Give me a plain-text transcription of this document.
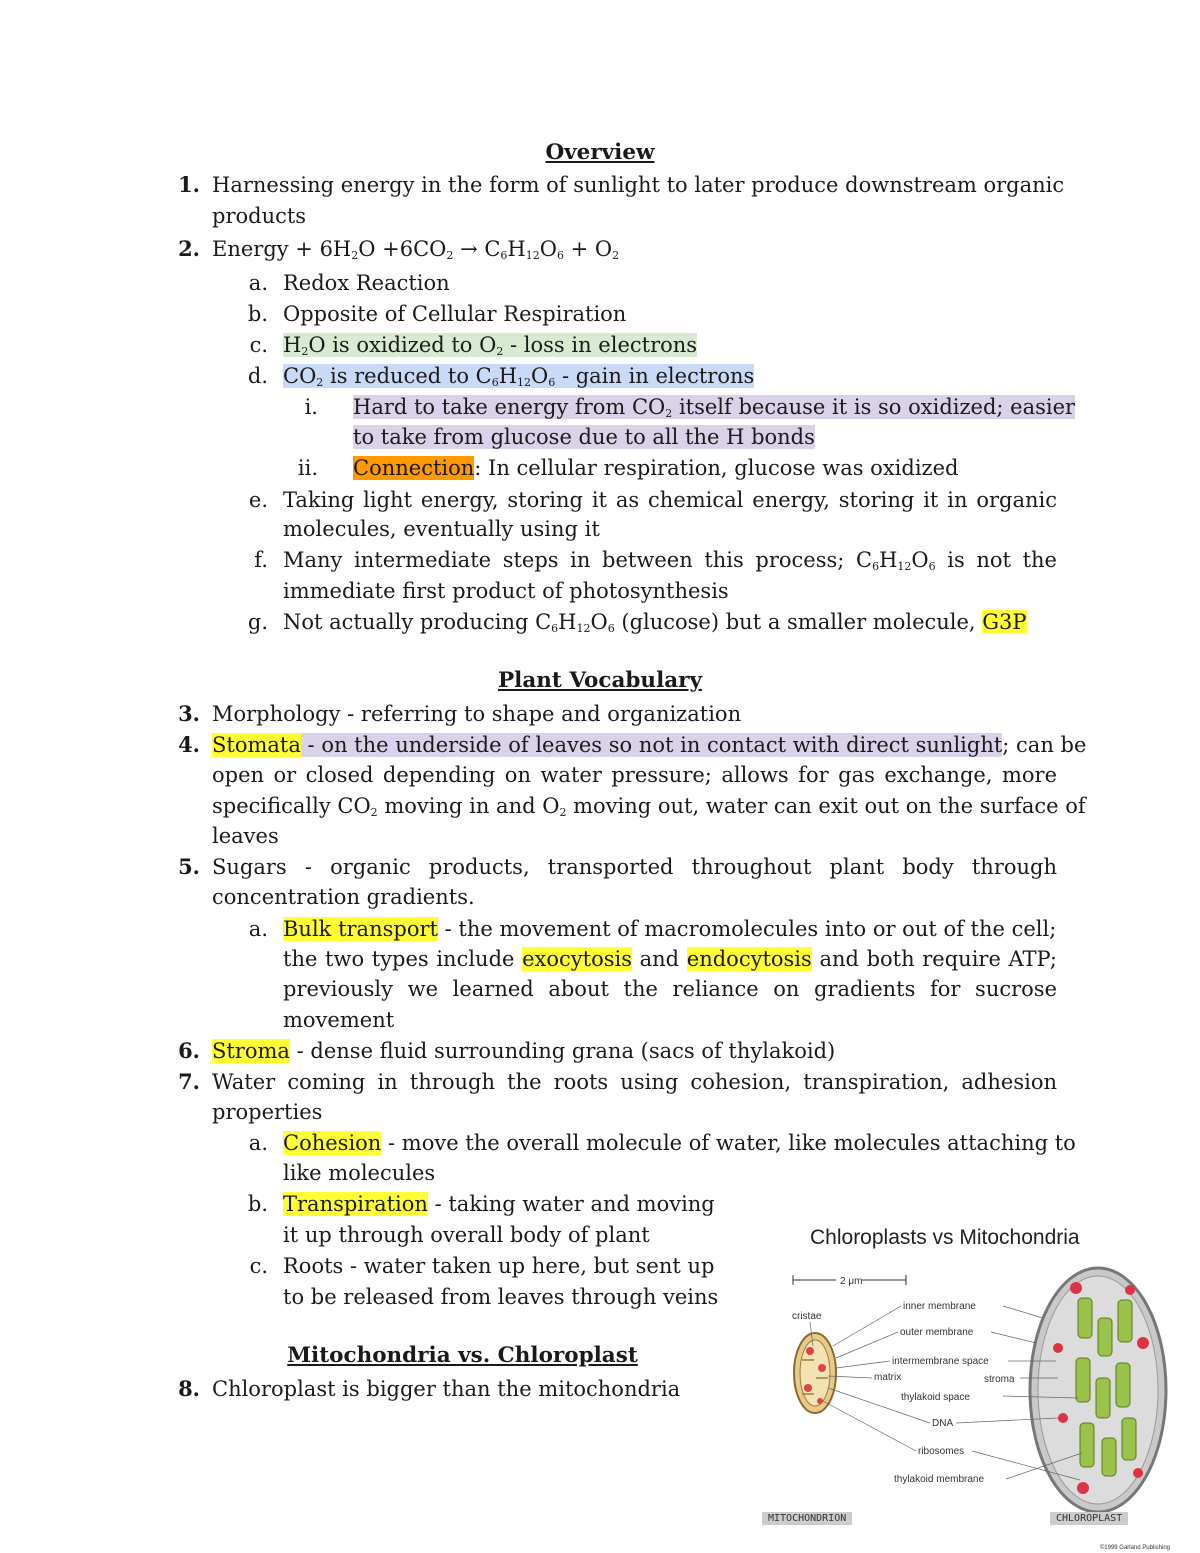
Overview
1. Harnessing energy in the form of sunlight to later produce downstream organic
products
2. Energy + $6H_2O +6CO_2 \to C_6H_{12}O_6 + O_2$
a. Redox Reaction
b. Opposite of Cellular Respiration
c. $H_2O$ is oxidized to $O_2$ - loss in electrons
d. $CO_2$ is reduced to $C_6H_{12}O_6$ - gain in electrons
i. Hard to take energy from $CO_2$ itself because it is so oxidized; easier
to take from glucose due to all the H bonds
ii. Connection: In cellular respiration, glucose was oxidized
e. Taking light energy, storing it as chemical energy, storing it in organic
molecules, eventually using it
f. Many intermediate steps in between this process; $C_6H_{12}O_6$ is not the
immediate first product of photosynthesis
g. Not actually producing $C_6H_{12}O_6$ (glucose) but a smaller molecule, G3P
Plant Vocabulary
3. Morphology - referring to shape and organization
4. Stomata - on the underside of leaves so not in contact with direct sunlight; can be
open or closed depending on water pressure; allows for gas exchange, more
specifically $CO_2$ moving in and $O_2$ moving out, water can exit out on the surface of
leaves
5. Sugars - organic products, transported throughout plant body through
concentration gradients.
a. Bulk transport - the movement of macromolecules into or out of the cell;
the two types include exocytosis and endocytosis and both require ATP;
previously we learned about the reliance on gradients for sucrose
movement
6. Stroma - dense fluid surrounding grana (sacs of thylakoid)
7. Water coming in through the roots using cohesion, transpiration, adhesion
properties
a. Cohesion - move the overall molecule of water, like molecules attaching to
like molecules
b. Transpiration - taking water and moving
it up through overall body of plant
c. Roots - water taken up here, but sent up
to be released from leaves through veins
Mitochondria vs. Chloroplast
8. Chloroplast is bigger than the mitochondria
Chloroplasts vs Mitochondria
2 μm
cristae
inner membrane
outer membrane
intermembrane space
matrix	stroma
thylakoid space
DNA
ribosomes
thylakoid membrane
MITOCHONDRION	CHLOROPLAST
©1999 Garland Publishing
